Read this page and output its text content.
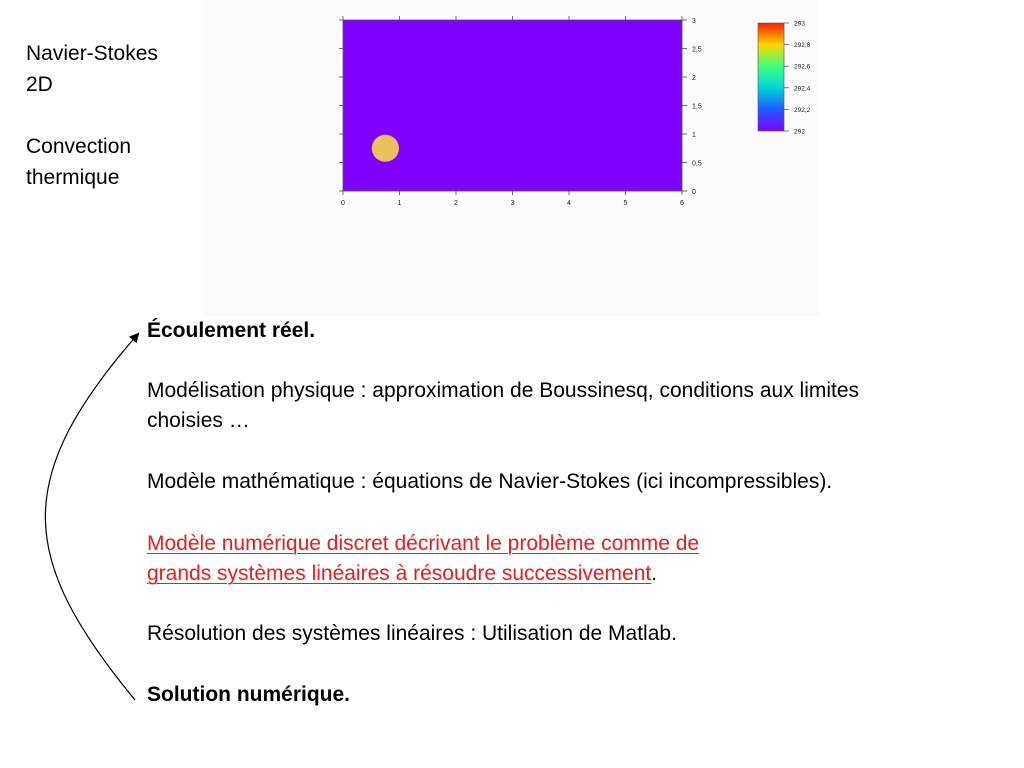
Navier-Stokes
2D
Convection
thermique
0	1	2	3	4	5	6
0
0,5
1
1,5
2
2,5
3	293
292,8
292,6
292,4
292,2
292
Écoulement réel.
Modélisation physique : approximation de Boussinesq, conditions aux limites
choisies …
Modèle mathématique : équations de Navier-Stokes (ici incompressibles).
Modèle numérique discret décrivant le problème comme de
grands systèmes linéaires à résoudre successivement.
Résolution des systèmes linéaires : Utilisation de Matlab.
Solution numérique.
